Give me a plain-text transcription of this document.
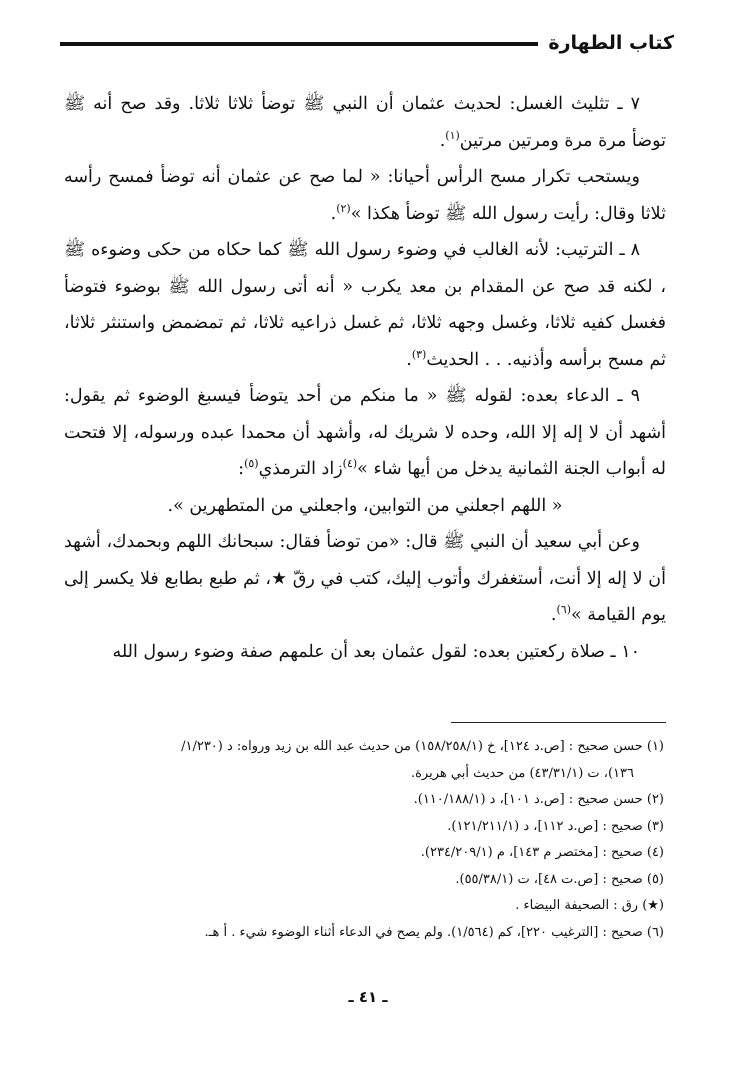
كتاب الطهارة

٧ ـ تثليث الغسل: لحديث عثمان أن النبي ﷺ توضأ ثلاثا ثلاثا. وقد صح أنه ﷺ توضأ مرة مرة ومرتين مرتين$^{(١)}$.

ويستحب تكرار مسح الرأس أحيانا: « لما صح عن عثمان أنه توضأ فمسح رأسه ثلاثا وقال: رأيت رسول الله ﷺ توضأ هكذا »$^{(٢)}$.

٨ ـ الترتيب: لأنه الغالب في وضوء رسول الله ﷺ كما حكاه من حكى وضوءه ﷺ ، لكنه قد صح عن المقدام بن معد يكرب « أنه أتى رسول الله ﷺ بوضوء فتوضأ فغسل كفيه ثلاثا، وغسل وجهه ثلاثا، ثم غسل ذراعيه ثلاثا، ثم تمضمض واستنثر ثلاثا، ثم مسح برأسه وأذنيه. . . الحديث$^{(٣)}$.

٩ ـ الدعاء بعده: لقوله ﷺ « ما منكم من أحد يتوضأ فيسبغ الوضوء ثم يقول: أشهد أن لا إله إلا الله، وحده لا شريك له، وأشهد أن محمدا عبده ورسوله، إلا فتحت له أبواب الجنة الثمانية يدخل من أيها شاء »$^{(٤)}$زاد الترمذي$^{(٥)}$:

« اللهم اجعلني من التوابين، واجعلني من المتطهرين ».

وعن أبي سعيد أن النبي ﷺ قال: «من توضأ فقال: سبحانك اللهم وبحمدك، أشهد أن لا إله إلا أنت، أستغفرك وأتوب إليك، كتب في رقّ ★، ثم طبع بطابع فلا يكسر إلى يوم القيامة »$^{(٦)}$.

١٠ ـ صلاة ركعتين بعده: لقول عثمان بعد أن علمهم صفة وضوء رسول الله

(١) حسن صحيح : [ص.د ١٢٤]، خ (١٥٨/٢٥٨/١) من حديث عبد الله بن زيد ورواه: د (١/٢٣٠/

١٣٦)، ت (٤٣/٣١/١) من حديث أبي هريرة.

(٢) حسن صحيح : [ص.د ١٠١]، د (١١٠/١٨٨/١).

(٣) صحيح : [ص.د ١١٢]، د (١٢١/٢١١/١).

(٤) صحيح : [مختصر م ١٤٣]، م (٢٣٤/٢٠٩/١).

(٥) صحيح : [ص.ت ٤٨]، ت (٥٥/٣٨/١).

(★) رق : الصحيفة البيضاء .

(٦) صحيح : [الترغيب ٢٢٠]، كم (١/٥٦٤). ولم يصح في الدعاء أثناء الوضوء شيء . أ هـ.

ـ ٤١ ـ
